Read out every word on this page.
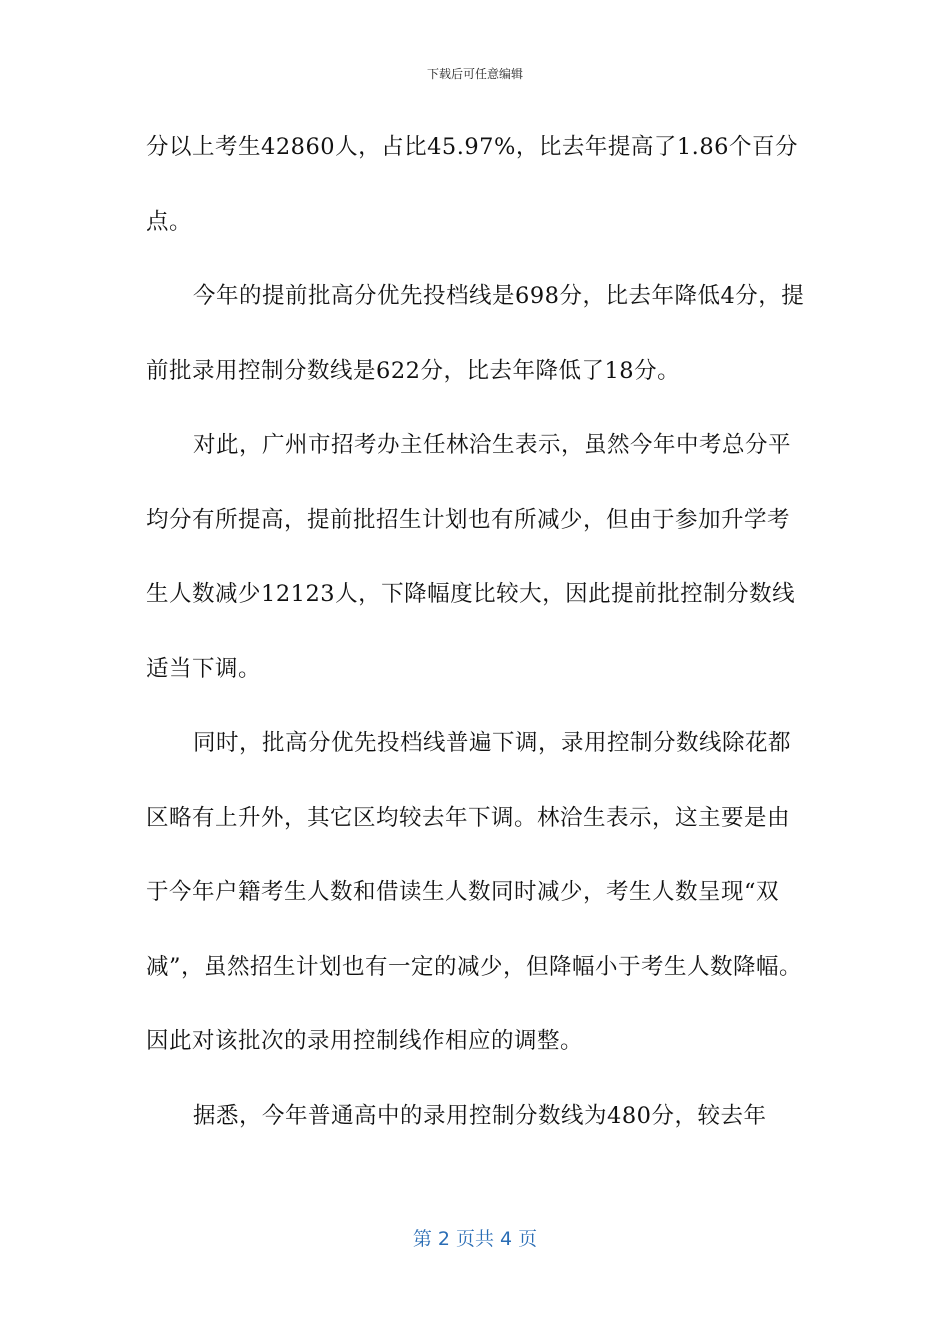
下载后可任意编辑

分以上考生42860人，占比45.97%，比去年提高了1.86个百分点。

今年的提前批高分优先投档线是698分，比去年降低4分，提前批录用控制分数线是622分，比去年降低了18分。

对此，广州市招考办主任林洽生表示，虽然今年中考总分平均分有所提高，提前批招生计划也有所减少，但由于参加升学考生人数减少12123人，下降幅度比较大，因此提前批控制分数线适当下调。

同时，批高分优先投档线普遍下调，录用控制分数线除花都区略有上升外，其它区均较去年下调。林洽生表示，这主要是由于今年户籍考生人数和借读生人数同时减少，考生人数呈现“双减”，虽然招生计划也有一定的减少，但降幅小于考生人数降幅。因此对该批次的录用控制线作相应的调整。

据悉，今年普通高中的录用控制分数线为480分，较去年

第 2 页共 4 页
